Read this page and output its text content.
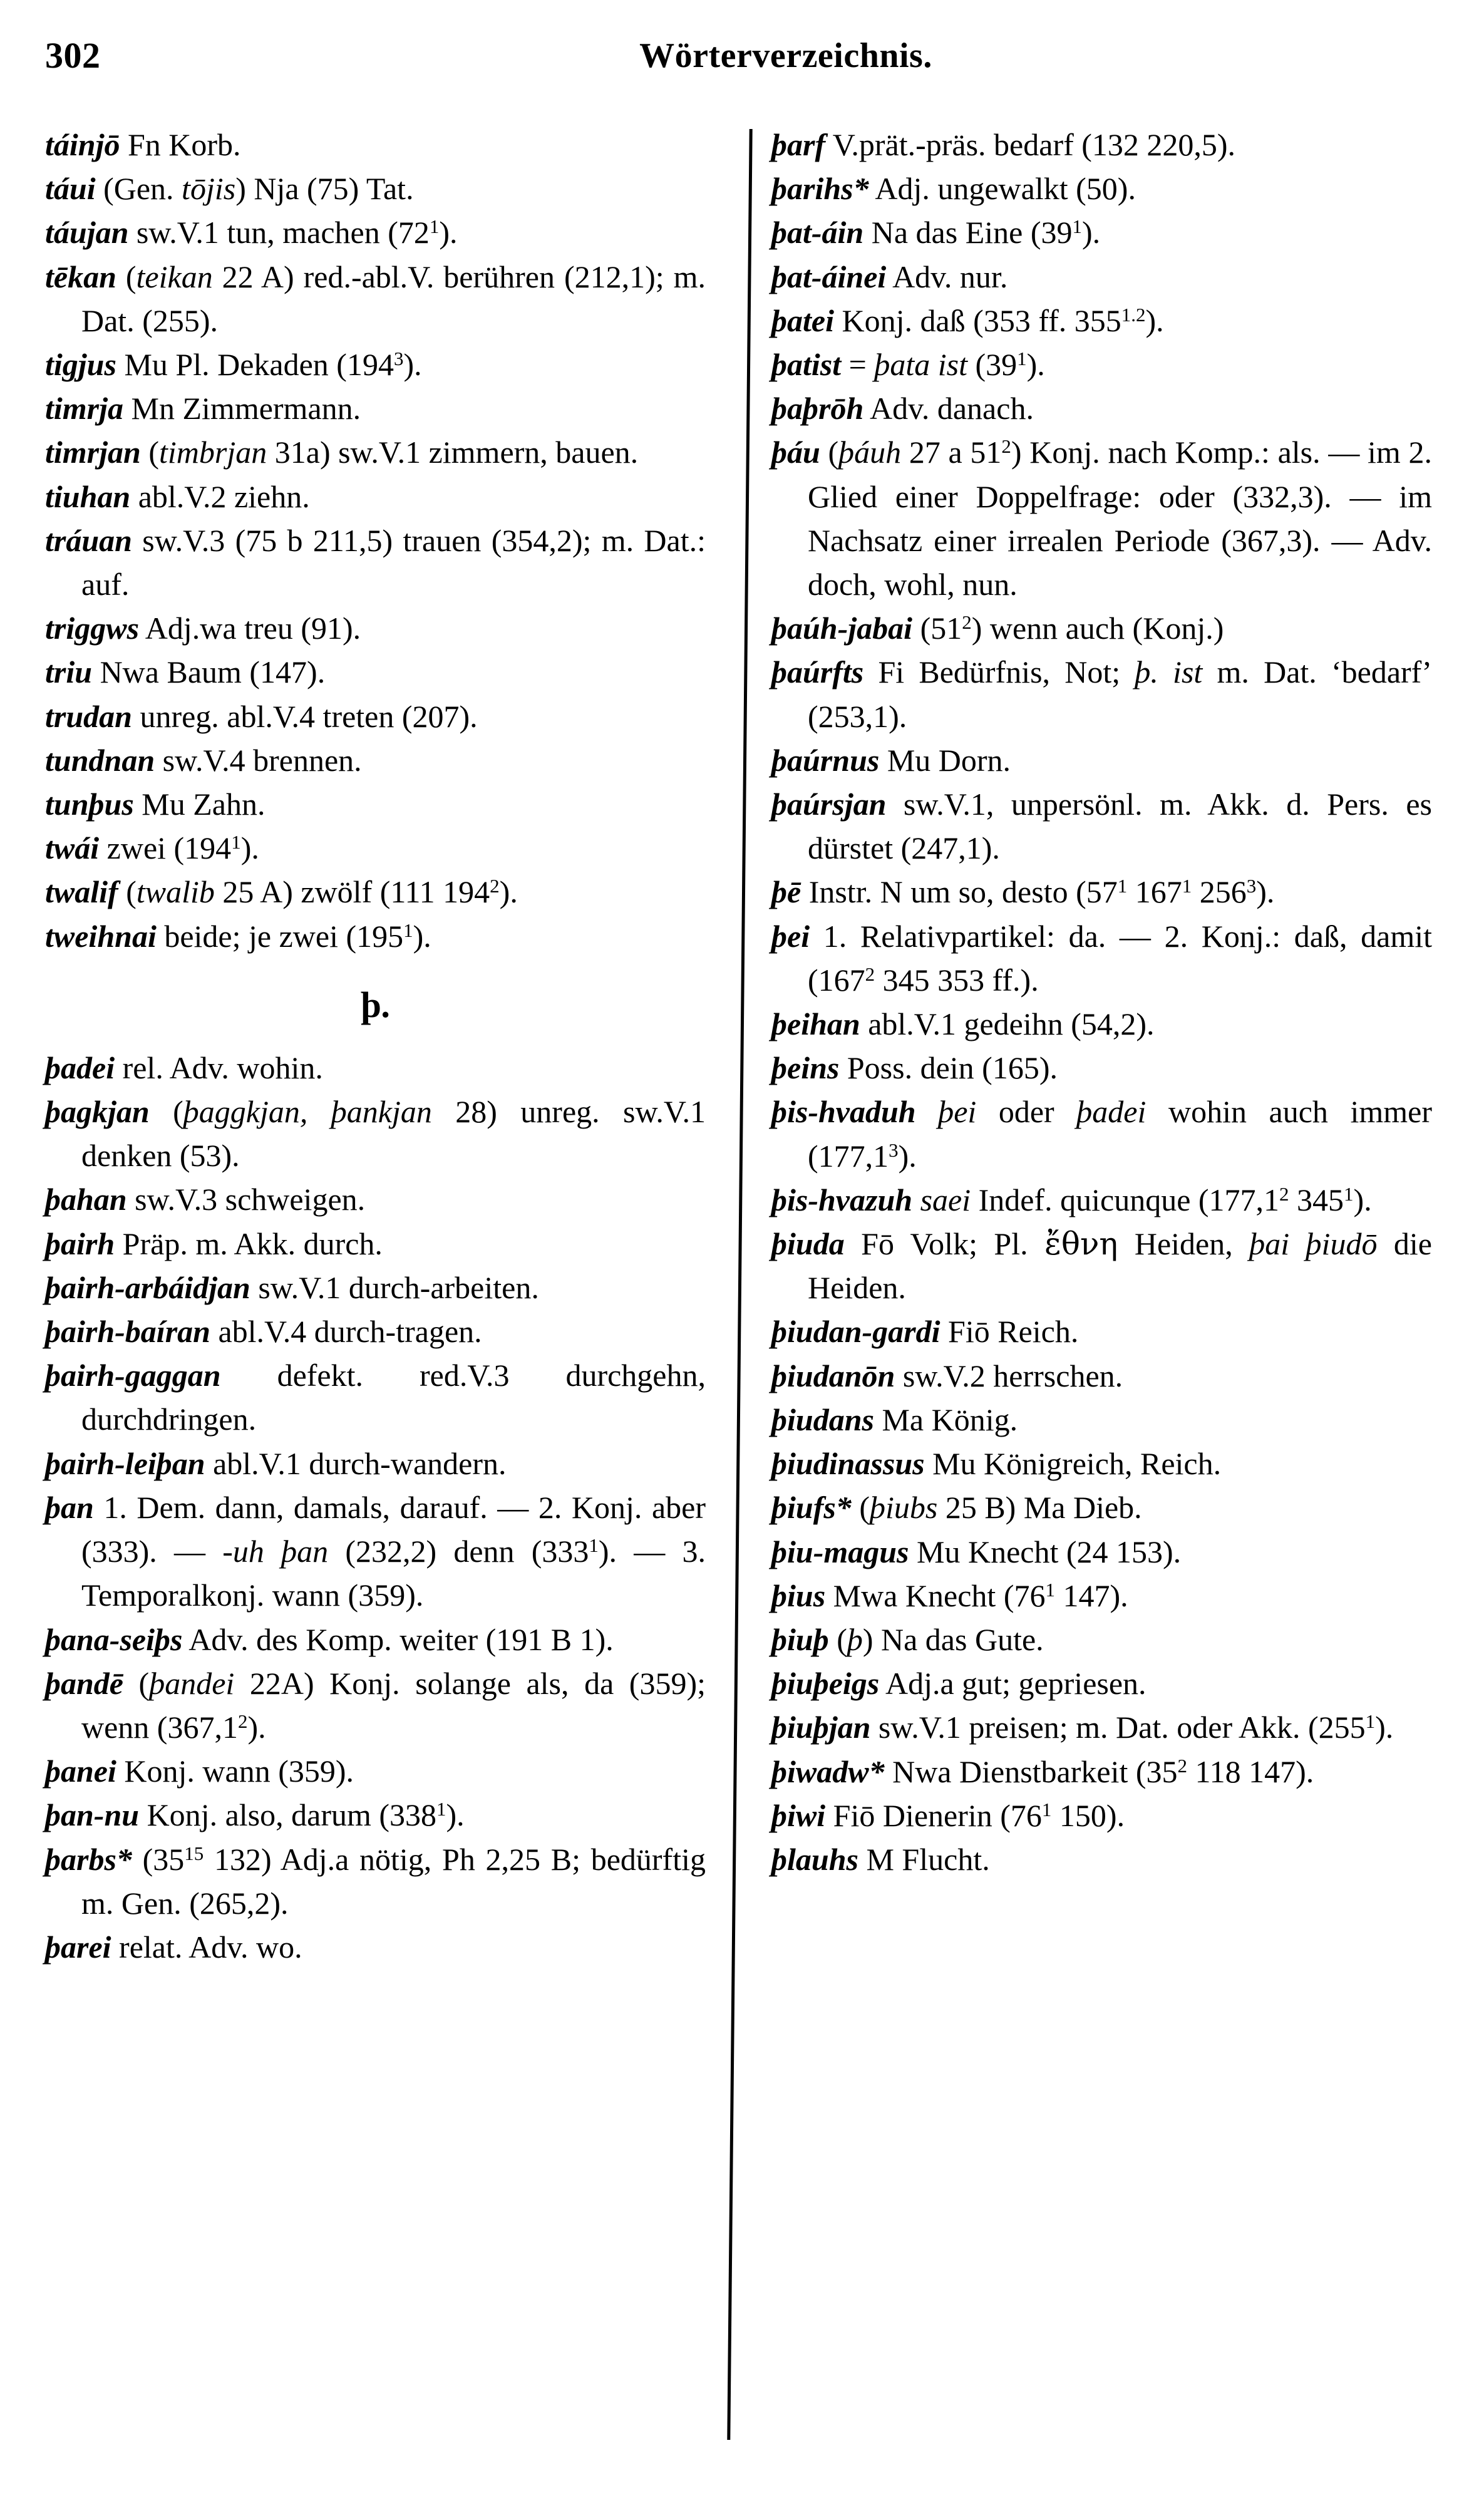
302	Wörterverzeichnis.

táinjō Fn Korb.

táui (Gen. tōjis) Nja (75) Tat.

táujan sw.V.1 tun, machen $(72^1)$.

tēkan (teikan 22 A) red.-abl.V. berühren (212,1); m. Dat. (255).

tigjus Mu Pl. Dekaden $(194^3)$.

timrja Mn Zimmermann.

timrjan (timbrjan 31a) sw.V.1 zimmern, bauen.

tiuhan abl.V.2 ziehn.

tráuan sw.V.3 (75 b 211,5) trauen (354,2); m. Dat.: auf.

triggws Adj.wa treu (91).

triu Nwa Baum (147).

trudan unreg. abl.V.4 treten (207).

tundnan sw.V.4 brennen.

tunþus Mu Zahn.

twái zwei $(194^1)$.

twalif (twalib 25 A) zwölf (111 $194^2$).

tweihnai beide; je zwei $(195^1)$.

þ.

þadei rel. Adv. wohin.

þagkjan (þaggkjan, þankjan 28) unreg. sw.V.1 denken (53).

þahan sw.V.3 schweigen.

þairh Präp. m. Akk. durch.

þairh-arbáidjan sw.V.1 durch-arbeiten.

þairh-baíran abl.V.4 durch-tragen.

þairh-gaggan defekt. red.V.3 durchgehn, durchdringen.

þairh-leiþan abl.V.1 durch-wandern.

þan 1. Dem. dann, damals, darauf. — 2. Konj. aber (333). — -uh þan (232,2) denn $(333^1)$. — 3. Temporalkonj. wann (359).

þana-seiþs Adv. des Komp. weiter (191 B 1).

þandē (þandei 22A) Konj. solange als, da (359); wenn (367,1$^2$).

þanei Konj. wann (359).

þan-nu Konj. also, darum $(338^1)$.

þarbs* ($35^{15}$ 132) Adj.a nötig, Ph 2,25 B; bedürftig m. Gen. (265,2).

þarei relat. Adv. wo.

þarf V.prät.-präs. bedarf (132 220,5).

þarihs* Adj. ungewalkt (50).

þat-áin Na das Eine $(39^1)$.

þat-áinei Adv. nur.

þatei Konj. daß (353 ff. $355^{1.2}$).

þatist = þata ist $(39^1)$.

þaþrōh Adv. danach.

þáu (þáuh 27 a $51^2$) Konj. nach Komp.: als. — im 2. Glied einer Doppelfrage: oder (332,3). — im Nachsatz einer irrealen Periode (367,3). — Adv. doch, wohl, nun.

þaúh-jabai $(51^2)$ wenn auch (Konj.)

þaúrfts Fi Bedürfnis, Not; þ. ist m. Dat. ʻbedarfʼ (253,1).

þaúrnus Mu Dorn.

þaúrsjan sw.V.1, unpersönl. m. Akk. d. Pers. es dürstet (247,1).

þē Instr. N um so, desto ($57^1$ $167^1$ $256^3$).

þei 1. Relativpartikel: da. — 2. Konj.: daß, damit ($167^2$ 345 353 ff.).

þeihan abl.V.1 gedeihn (54,2).

þeins Poss. dein (165).

þis-hvaduh þei oder þadei wohin auch immer (177,1$^3$).

þis-hvazuh saei Indef. quicunque (177,1$^2$ $345^1$).

þiuda Fō Volk; Pl. ἔθνη Heiden, þai þiudō die Heiden.

þiudan-gardi Fiō Reich.

þiudanōn sw.V.2 herrschen.

þiudans Ma König.

þiudinassus Mu Königreich, Reich.

þiufs* (þiubs 25 B) Ma Dieb.

þiu-magus Mu Knecht (24 153).

þius Mwa Knecht ($76^1$ 147).

þiuþ (þ) Na das Gute.

þiuþeigs Adj.a gut; gepriesen.

þiuþjan sw.V.1 preisen; m. Dat. oder Akk. $(255^1)$.

þiwadw* Nwa Dienstbarkeit ($35^2$ 118 147).

þiwi Fiō Dienerin ($76^1$ 150).

þlauhs M Flucht.
